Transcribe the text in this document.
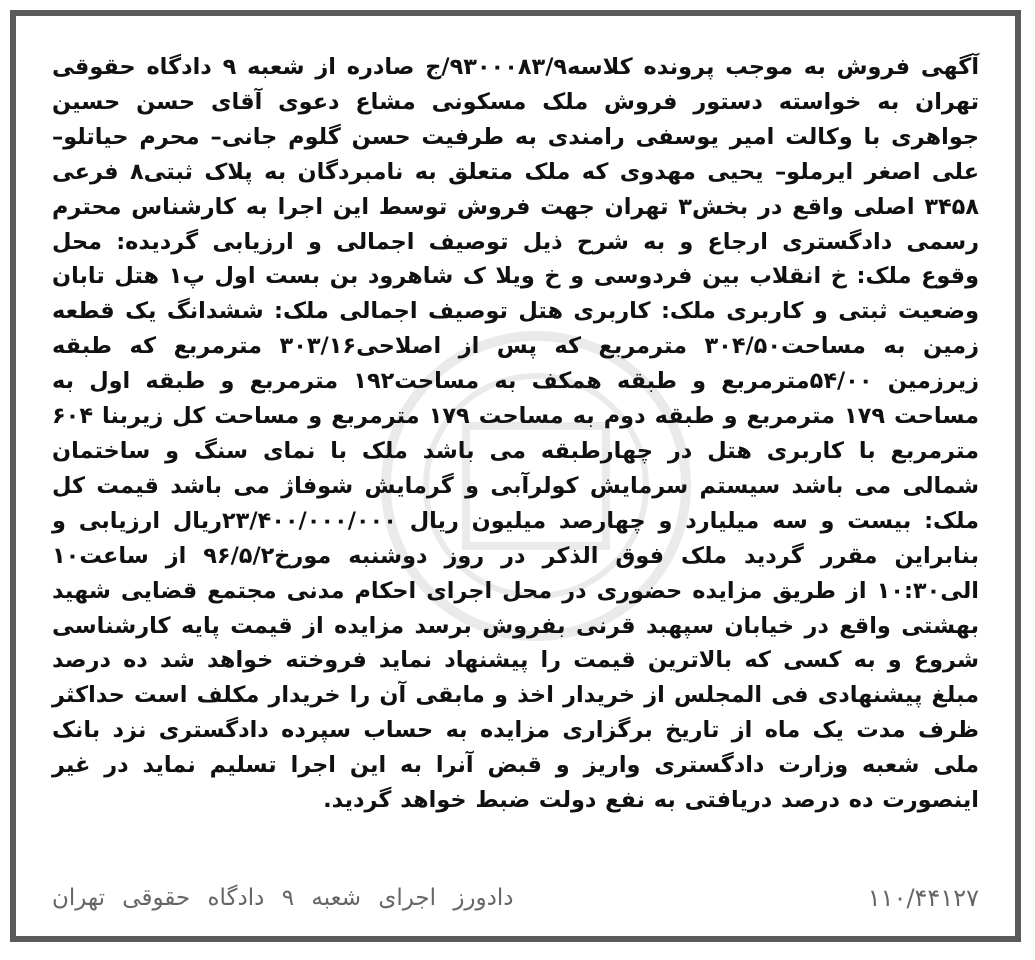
آگهی فروش به موجب پرونده کلاسه۹۳۰۰۰۸۳/۹/ج صادره از شعبه ۹ دادگاه حقوقی تهران به خواسته دستور فروش ملک مسکونی مشاع دعوی آقای حسن حسین جواهری با وکالت امیر یوسفی رامندی به طرفیت حسن گلوم جانی– محرم حیاتلو– علی اصغر ایرملو– یحیی مهدوی که ملک متعلق به نامبردگان به پلاک ثبتی۸ فرعی ۳۴۵۸ اصلی واقع در بخش۳ تهران جهت فروش توسط این اجرا به کارشناس محترم رسمی دادگستری ارجاع و به شرح ذیل توصیف اجمالی و ارزیابی گردیده: محل وقوع ملک: خ انقلاب بین فردوسی و خ ویلا ک شاهرود بن بست اول پ۱ هتل تابان وضعیت ثبتی و کاربری ملک: کاربری هتل توصیف اجمالی ملک: ششدانگ یک قطعه زمین به مساحت۳۰۴/۵۰ مترمربع که پس از اصلاحی۳۰۳/۱۶ مترمربع که طبقه زیرزمین ۵۴/۰۰مترمربع و طبقه همکف به مساحت۱۹۲ مترمربع و طبقه اول به مساحت ۱۷۹ مترمربع و طبقه دوم به مساحت ۱۷۹ مترمربع و مساحت کل زیربنا ۶۰۴ مترمربع با کاربری هتل در چهارطبقه می باشد ملک با نمای سنگ و ساختمان شمالی می باشد سیستم سرمایش کولرآبی و گرمایش شوفاژ می باشد قیمت کل ملک: بیست و سه میلیارد و چهارصد میلیون ریال ۲۳/۴۰۰/۰۰۰/۰۰۰ریال ارزیابی و بنابراین مقرر گردید ملک فوق الذکر در روز دوشنبه مورخ۹۶/۵/۲ از ساعت۱۰ الی۱۰:۳۰ از طریق مزایده حضوری در محل اجرای احکام مدنی مجتمع قضایی شهید بهشتی واقع در خیابان سپهبد قرنی بفروش برسد مزایده از قیمت پایه کارشناسی شروع و به کسی که بالاترین قیمت را پیشنهاد نماید فروخته خواهد شد ده درصد مبلغ پیشنهادی فی المجلس از خریدار اخذ و مابقی آن را خریدار مکلف است حداکثر ظرف مدت یک ماه از تاریخ برگزاری مزایده به حساب سپرده دادگستری نزد بانک ملی شعبه وزارت دادگستری واریز و قبض آنرا به این اجرا تسلیم نماید در غیر اینصورت ده درصد دریافتی به نفع دولت ضبط خواهد گردید.
دادورز اجرای شعبه ۹ دادگاه حقوقی تهران	۱۱۰/۴۴۱۲۷
